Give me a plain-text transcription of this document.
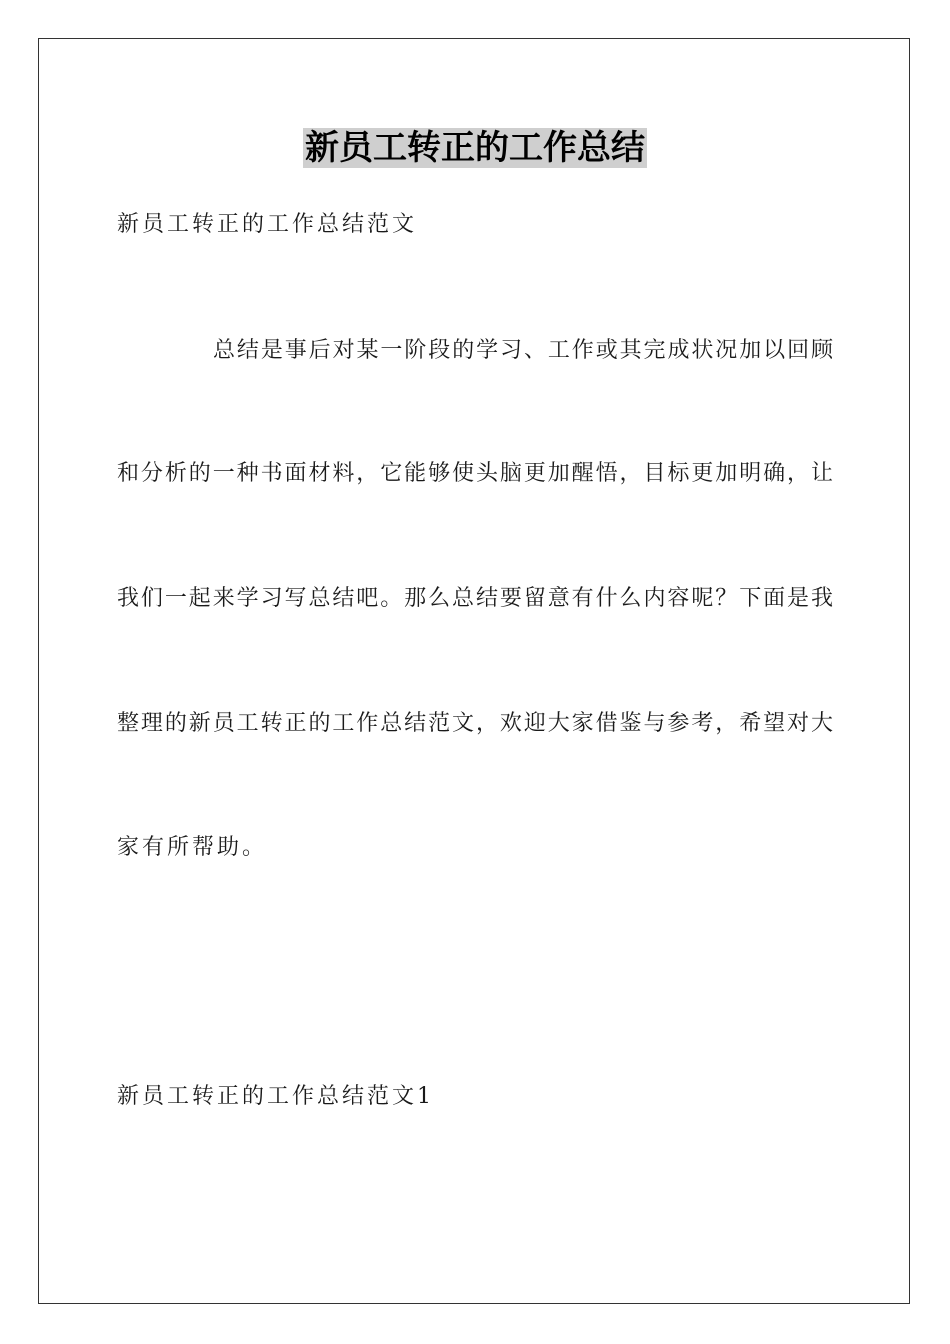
新员工转正的工作总结
新员工转正的工作总结范文
总结是事后对某一阶段的学习、工作或其完成状况加以回顾
和分析的一种书面材料，它能够使头脑更加醒悟，目标更加明确，让
我们一起来学习写总结吧。那么总结要留意有什么内容呢？下面是我
整理的新员工转正的工作总结范文，欢迎大家借鉴与参考，希望对大
家有所帮助。
新员工转正的工作总结范文1
